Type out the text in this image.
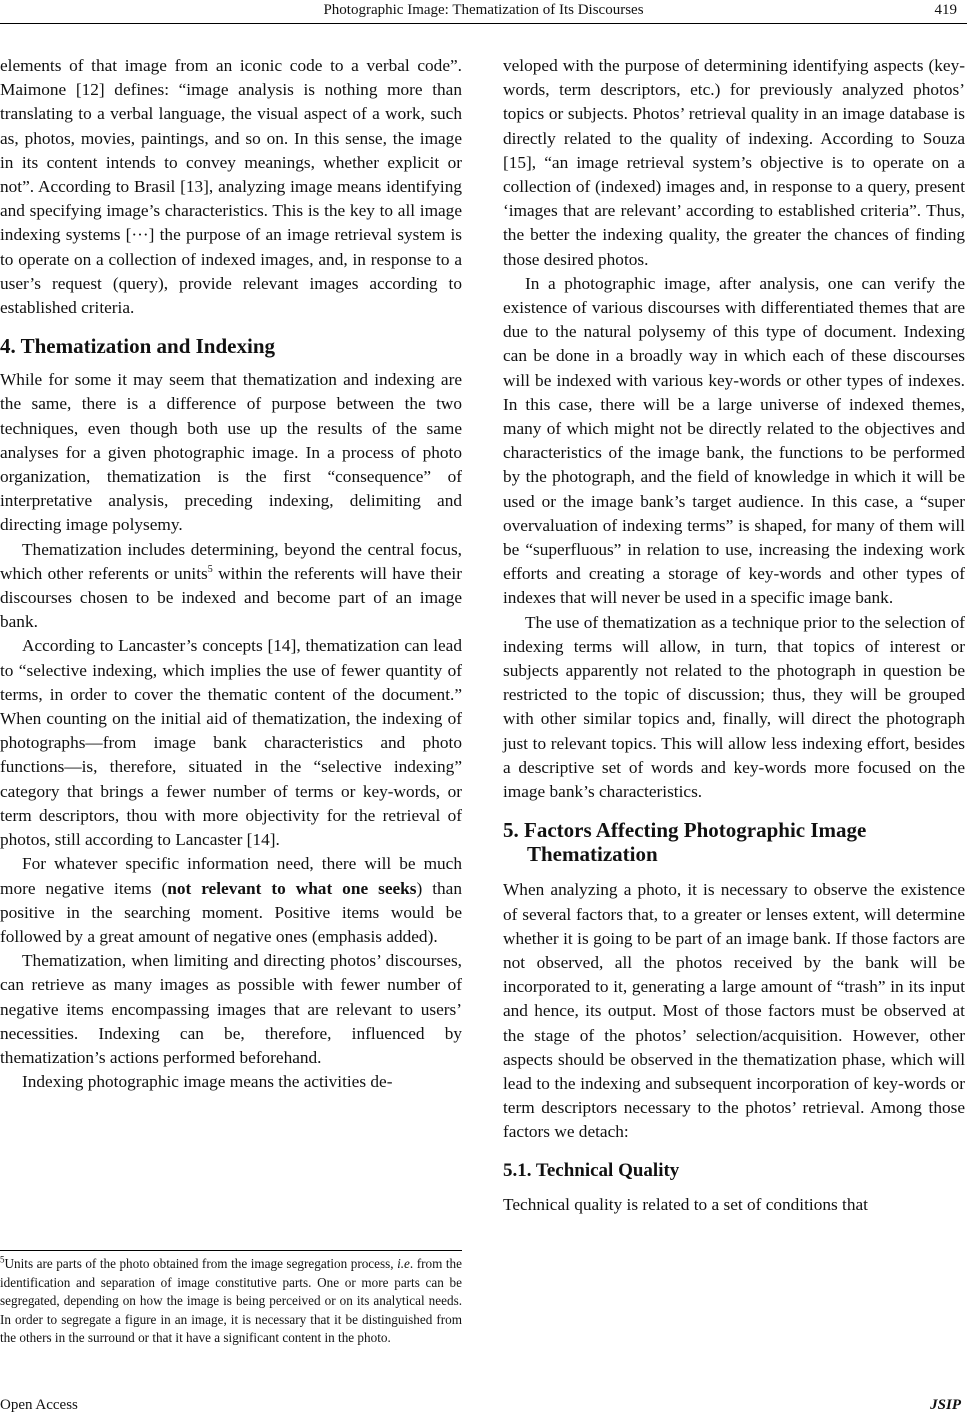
Photographic Image: Thematization of Its Discourses	419

elements of that image from an iconic code to a verbal code”. Maimone [12] defines: “image analysis is nothing more than translating to a verbal language, the visual aspect of a work, such as, photos, movies, paintings, and so on. In this sense, the image in its content intends to convey meanings, whether explicit or not”. According to Brasil [13], analyzing image means identifying and specifying image’s characteristics. This is the key to all image indexing systems [···] the purpose of an image retrieval system is to operate on a collection of indexed images, and, in response to a user’s request (query), provide relevant images according to established criteria.

4. Thematization and Indexing

While for some it may seem that thematization and indexing are the same, there is a difference of purpose between the two techniques, even though both use up the results of the same analyses for a given photographic image. In a process of photo organization, thematization is the first “consequence” of interpretative analysis, preceding indexing, delimiting and directing image polysemy.

Thematization includes determining, beyond the central focus, which other referents or units$^5$ within the referents will have their discourses chosen to be indexed and become part of an image bank.

According to Lancaster’s concepts [14], thematization can lead to “selective indexing, which implies the use of fewer quantity of terms, in order to cover the thematic content of the document.” When counting on the initial aid of thematization, the indexing of photographs—from image bank characteristics and photo functions—is, therefore, situated in the “selective indexing” category that brings a fewer number of terms or key-words, or term descriptors, thou with more objectivity for the retrieval of photos, still according to Lancaster [14].

For whatever specific information need, there will be much more negative items (not relevant to what one seeks) than positive in the searching moment. Positive items would be followed by a great amount of negative ones (emphasis added).

Thematization, when limiting and directing photos’ discourses, can retrieve as many images as possible with fewer number of negative items encompassing images that are relevant to users’ necessities. Indexing can be, therefore, influenced by thematization’s actions performed beforehand.

Indexing photographic image means the activities de-

$^5$Units are parts of the photo obtained from the image segregation process, i.e. from the identification and separation of image constitutive parts. One or more parts can be segregated, depending on how the image is being perceived or on its analytical needs. In order to segregate a figure in an image, it is necessary that it be distinguished from the others in the surround or that it have a significant content in the photo.

veloped with the purpose of determining identifying aspects (key-words, term descriptors, etc.) for previously analyzed photos’ topics or subjects. Photos’ retrieval quality in an image database is directly related to the quality of indexing. According to Souza [15], “an image retrieval system’s objective is to operate on a collection of (indexed) images and, in response to a query, present ‘images that are relevant’ according to established criteria”. Thus, the better the indexing quality, the greater the chances of finding those desired photos.

In a photographic image, after analysis, one can verify the existence of various discourses with differentiated themes that are due to the natural polysemy of this type of document. Indexing can be done in a broadly way in which each of these discourses will be indexed with various key-words or other types of indexes. In this case, there will be a large universe of indexed themes, many of which might not be directly related to the objectives and characteristics of the image bank, the functions to be performed by the photograph, and the field of knowledge in which it will be used or the image bank’s target audience. In this case, a “super overvaluation of indexing terms” is shaped, for many of them will be “superfluous” in relation to use, increasing the indexing work efforts and creating a storage of key-words and other types of indexes that will never be used in a specific image bank.

The use of thematization as a technique prior to the selection of indexing terms will allow, in turn, that topics of interest or subjects apparently not related to the photograph in question be restricted to the topic of discussion; thus, they will be grouped with other similar topics and, finally, will direct the photograph just to relevant topics. This will allow less indexing effort, besides a descriptive set of words and key-words more focused on the image bank’s characteristics.

5. Factors Affecting Photographic Image Thematization

When analyzing a photo, it is necessary to observe the existence of several factors that, to a greater or lenses extent, will determine whether it is going to be part of an image bank. If those factors are not observed, all the photos received by the bank will be incorporated to it, generating a large amount of “trash” in its input and hence, its output. Most of those factors must be observed at the stage of the photos’ selection/acquisition. However, other aspects should be observed in the thematization phase, which will lead to the indexing and subsequent incorporation of key-words or term descriptors necessary to the photos’ retrieval. Among those factors we detach:

5.1. Technical Quality

Technical quality is related to a set of conditions that

Open Access	JSIP
